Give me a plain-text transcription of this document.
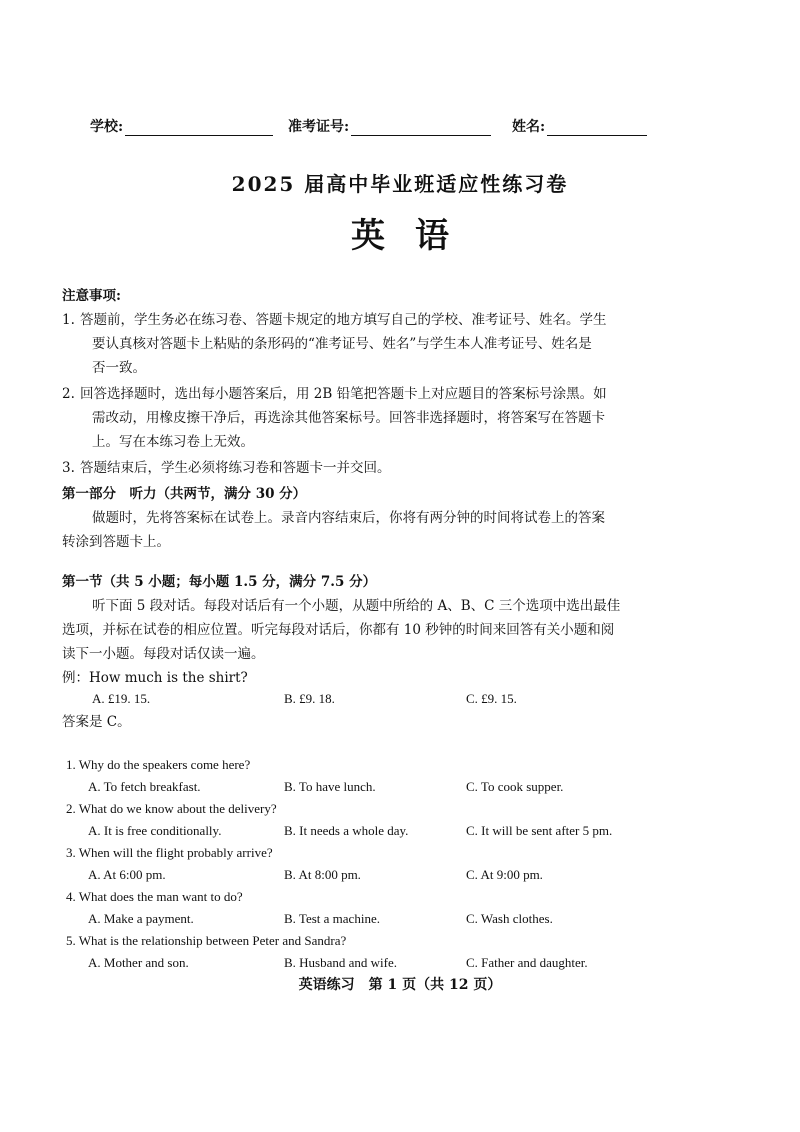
学校:	准考证号:	姓名:
2025 届高中毕业班适应性练习卷
英语
注意事项:
1. 答题前，学生务必在练习卷、答题卡规定的地方填写自己的学校、准考证号、姓名。学生
要认真核对答题卡上粘贴的条形码的“准考证号、姓名”与学生本人准考证号、姓名是
否一致。
2. 回答选择题时，选出每小题答案后，用 2B 铅笔把答题卡上对应题目的答案标号涂黑。如
需改动，用橡皮擦干净后，再选涂其他答案标号。回答非选择题时，将答案写在答题卡
上。写在本练习卷上无效。
3. 答题结束后，学生必须将练习卷和答题卡一并交回。
第一部分　听力（共两节，满分 30 分）
做题时，先将答案标在试卷上。录音内容结束后，你将有两分钟的时间将试卷上的答案
转涂到答题卡上。
第一节（共 5 小题；每小题 1.5 分，满分 7.5 分）
听下面 5 段对话。每段对话后有一个小题，从题中所给的 A、B、C 三个选项中选出最佳
选项，并标在试卷的相应位置。听完每段对话后，你都有 10 秒钟的时间来回答有关小题和阅
读下一小题。每段对话仅读一遍。
例：How much is the shirt?
A. £19. 15.	B. £9. 18.	C. £9. 15.
答案是 C。
1. Why do the speakers come here?
A. To fetch breakfast.	B. To have lunch.	C. To cook supper.
2. What do we know about the delivery?
A. It is free conditionally.	B. It needs a whole day.	C. It will be sent after 5 pm.
3. When will the flight probably arrive?
A. At 6:00 pm.	B. At 8:00 pm.	C. At 9:00 pm.
4. What does the man want to do?
A. Make a payment.	B. Test a machine.	C. Wash clothes.
5. What is the relationship between Peter and Sandra?
A. Mother and son.	B. Husband and wife.	C. Father and daughter.
英语练习　第 1 页（共 12 页）
